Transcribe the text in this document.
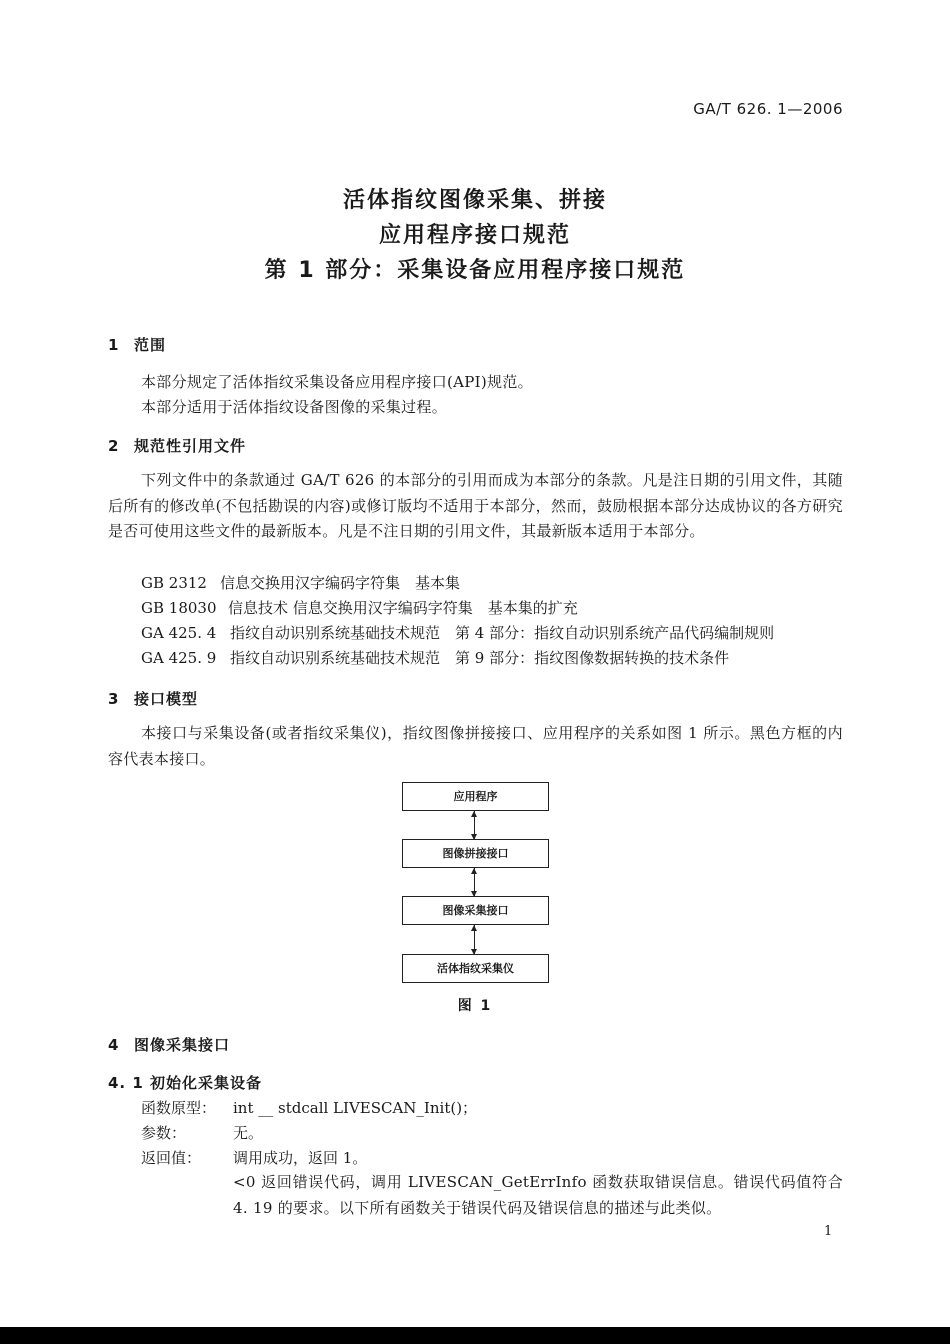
GA/T 626. 1—2006
活体指纹图像采集、拼接
应用程序接口规范
第 1 部分：采集设备应用程序接口规范
1 范围
本部分规定了活体指纹采集设备应用程序接口(API)规范。
本部分适用于活体指纹设备图像的采集过程。
2 规范性引用文件
下列文件中的条款通过 GA/T 626 的本部分的引用而成为本部分的条款。凡是注日期的引用文件，其随后所有的修改单(不包括勘误的内容)或修订版均不适用于本部分，然而，鼓励根据本部分达成协议的各方研究是否可使用这些文件的最新版本。凡是不注日期的引用文件，其最新版本适用于本部分。
GB 2312 信息交换用汉字编码字符集　基本集
GB 18030 信息技术 信息交换用汉字编码字符集　基本集的扩充
GA 425. 4 指纹自动识别系统基础技术规范　第 4 部分：指纹自动识别系统产品代码编制规则
GA 425. 9 指纹自动识别系统基础技术规范　第 9 部分：指纹图像数据转换的技术条件
3 接口模型
本接口与采集设备(或者指纹采集仪)，指纹图像拼接接口、应用程序的关系如图 1 所示。黑色方框的内容代表本接口。
应用程序
图像拼接接口
图像采集接口
活体指纹采集仪
图 1
4 图像采集接口
4. 1 初始化采集设备
函数原型： int __ stdcall LIVESCAN_Init()；
参数：	无。
返回值： 调用成功，返回 1。
<0 返回错误代码，调用 LIVESCAN_GetErrInfo 函数获取错误信息。错误代码值符合 4. 19 的要求。以下所有函数关于错误代码及错误信息的描述与此类似。
1
